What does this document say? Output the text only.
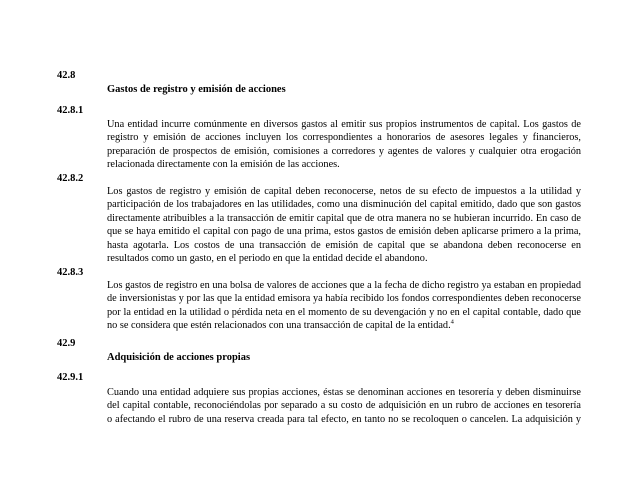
42.8
Gastos de registro y emisión de acciones
42.8.1
Una entidad incurre comúnmente en diversos gastos al emitir sus propios instrumentos de capital. Los gastos de
registro y emisión de acciones incluyen los correspondientes a honorarios de asesores legales y financieros,
preparación de prospectos de emisión, comisiones a corredores y agentes de valores y cualquier otra erogación
relacionada directamente con la emisión de las acciones.
42.8.2
Los gastos de registro y emisión de capital deben reconocerse, netos de su efecto de impuestos a la utilidad y
participación de los trabajadores en las utilidades, como una disminución del capital emitido, dado que son gastos
directamente atribuibles a la transacción de emitir capital que de otra manera no se hubieran incurrido. En caso de
que se haya emitido el capital con pago de una prima, estos gastos de emisión deben aplicarse primero a la prima,
hasta agotarla. Los costos de una transacción de emisión de capital que se abandona deben reconocerse en
resultados como un gasto, en el periodo en que la entidad decide el abandono.
42.8.3
Los gastos de registro en una bolsa de valores de acciones que a la fecha de dicho registro ya estaban en propiedad
de inversionistas y por las que la entidad emisora ya había recibido los fondos correspondientes deben reconocerse
por la entidad en la utilidad o pérdida neta en el momento de su devengación y no en el capital contable, dado que
no se considera que estén relacionados con una transacción de capital de la entidad.$^4$
42.9
Adquisición de acciones propias
42.9.1
Cuando una entidad adquiere sus propias acciones, éstas se denominan acciones en tesorería y deben disminuirse
del capital contable, reconociéndolas por separado a su costo de adquisición en un rubro de acciones en tesorería
o afectando el rubro de una reserva creada para tal efecto, en tanto no se recoloquen o cancelen. La adquisición y
